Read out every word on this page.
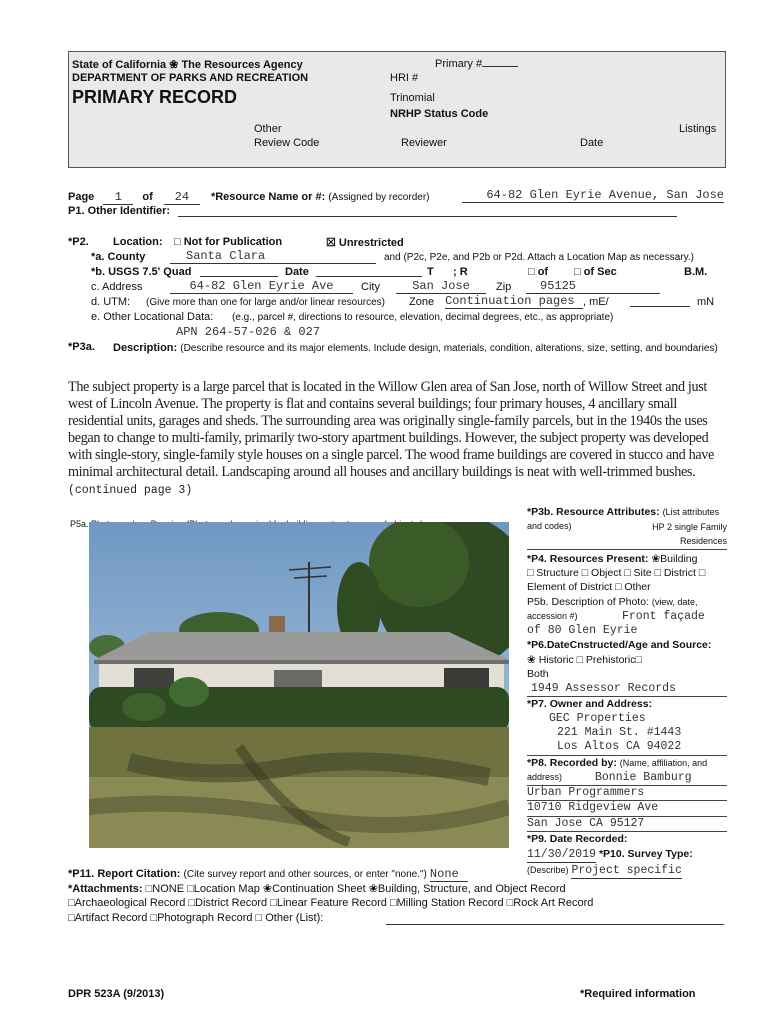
State of California ❀ The Resources Agency
DEPARTMENT OF PARKS AND RECREATION
PRIMARY RECORD
Primary #
HRI #
Trinomial
NRHP Status Code
Other	Listings
Review Code	Reviewer	Date
Page 1 of 24 *Resource Name or #: (Assigned by recorder)	64-82 Glen Eyrie Avenue, San Jose
P1. Other Identifier:
*P2. Location: □ Not for Publication	☒ Unrestricted
*a. County	Santa Clara	and (P2c, P2e, and P2b or P2d. Attach a Location Map as necessary.)
*b. USGS 7.5' Quad	Date	T ; R	□ of □ of Sec	B.M.
c. Address	64-82 Glen Eyrie Ave	City	San Jose	Zip	95125
d. UTM: (Give more than one for large and/or linear resources) Zone Continuation pages , mE/	mN
e. Other Locational Data: (e.g., parcel #, directions to resource, elevation, decimal degrees, etc., as appropriate)
APN 264-57-026 & 027
*P3a. Description: (Describe resource and its major elements. Include design, materials, condition, alterations, size, setting, and boundaries)
The subject property is a large parcel that is located in the Willow Glen area of San Jose, north of Willow Street and just west of Lincoln Avenue. The property is flat and contains several buildings; four primary houses, 4 ancillary small residential units, garages and sheds. The surrounding area was originally single-family parcels, but in the 1940s the uses began to change to multi-family, primarily two-story apartment buildings. However, the subject property was developed with single-story, single-family style houses on a single parcel. The wood frame buildings are covered in stucco and have minimal architectural detail. Landscaping around all houses and ancillary buildings is neat with well-trimmed bushes. (continued page 3)
P5a.
*P3b. Resource Attributes: (List attributes and codes)	HP 2 single Family Residences
*P4. Resources Present: ❀Building
□ Structure □ Object □ Site □ District □ Element of District □ Other
P5b. Description of Photo: (view, date, accession #)	Front façade
of 80 Glen Eyrie
*P6.DateCnstructed/Age and Source:
❀ Historic □ Prehistoric□
Both
1949 Assessor Records
*P7. Owner and Address:
GEC Properties
221 Main St. #1443
Los Altos CA 94022
*P8. Recorded by: (Name, affiliation, and address)	Bonnie Bamburg
Urban Programmers
10710 Ridgeview Ave
San Jose CA 95127
*P9. Date Recorded:
11/30/2019 *P10. Survey Type:
(Describe) Project specific
*P11. Report Citation: (Cite survey report and other sources, or enter "none.") None
*Attachments: □NONE □Location Map ❀Continuation Sheet ❀Building, Structure, and Object Record
□Archaeological Record □District Record □Linear Feature Record □Milling Station Record □Rock Art Record
□Artifact Record □Photograph Record □ Other (List):
DPR 523A (9/2013)	*Required information
